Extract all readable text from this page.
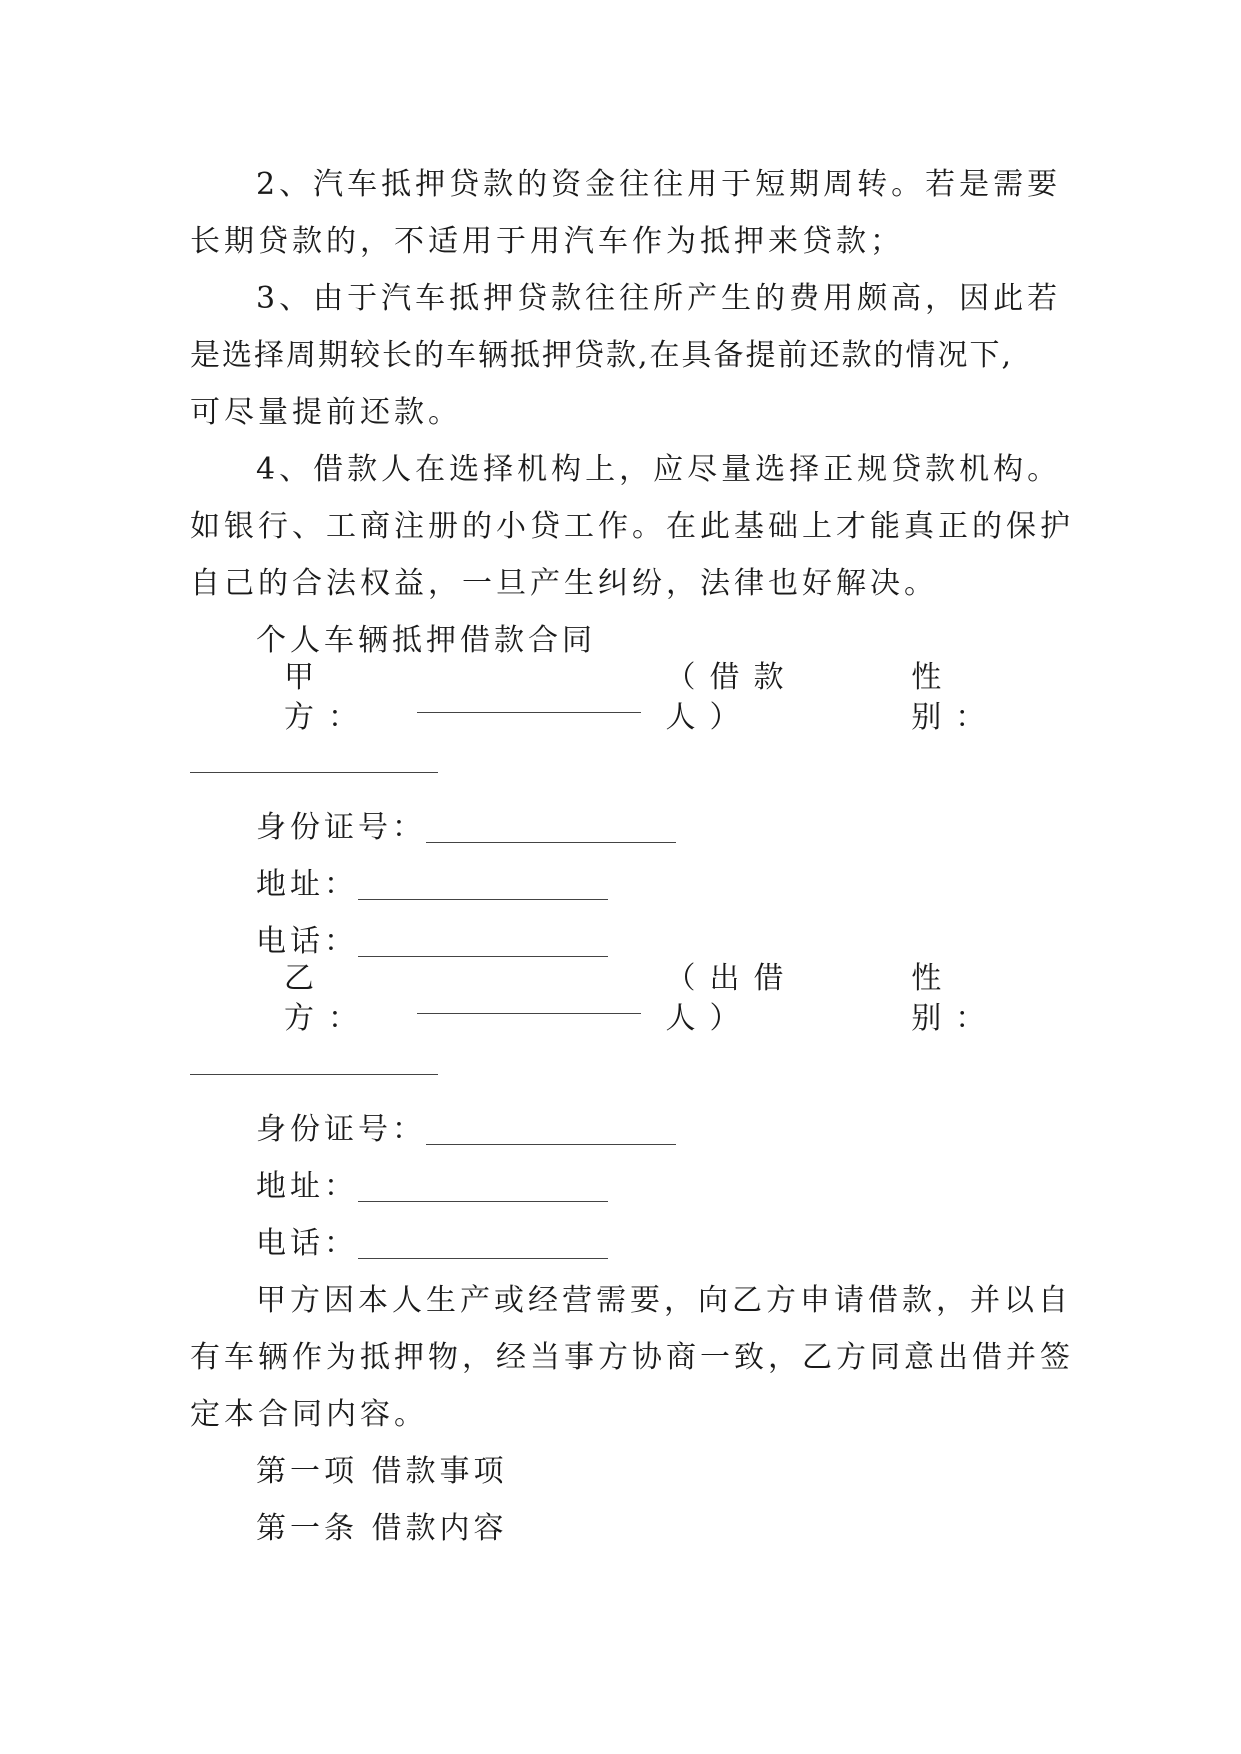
2、汽车抵押贷款的资金往往用于短期周转。若是需要
长期贷款的，不适用于用汽车作为抵押来贷款；
3、由于汽车抵押贷款往往所产生的费用颇高，因此若
是选择周期较长的车辆抵押贷款,在具备提前还款的情况下,
可尽量提前还款。
4、借款人在选择机构上，应尽量选择正规贷款机构。
如银行、工商注册的小贷工作。在此基础上才能真正的保护
自己的合法权益，一旦产生纠纷，法律也好解决。
个人车辆抵押借款合同
甲方：
（借款人）
性别：
身份证号：
地址：
电话：
乙方：
（出借人）
性别：
身份证号：
地址：
电话：
甲方因本人生产或经营需要，向乙方申请借款，并以自
有车辆作为抵押物，经当事方协商一致，乙方同意出借并签
定本合同内容。
第一项 借款事项
第一条 借款内容
